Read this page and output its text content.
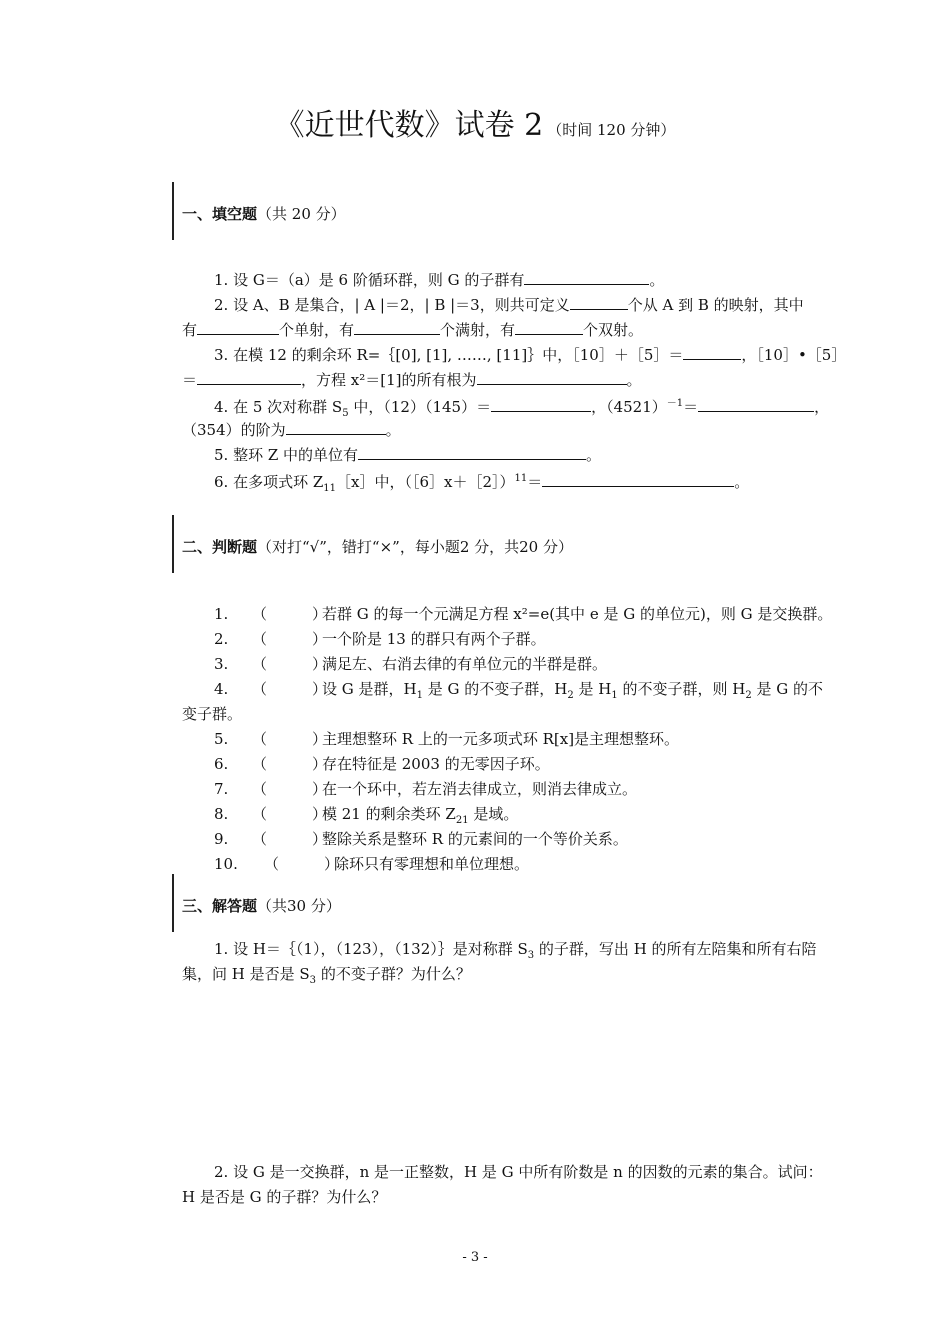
《近世代数》试卷 2 （时间 120 分钟）
一、填空题（共 20 分）
1. 设 G＝（a）是 6 阶循环群，则 G 的子群有	。
2. 设 A、B 是集合，| A |＝2，| B |＝3，则共可定义	个从 A 到 B 的映射，其中
有	个单射，有	个满射，有	个双射。
3. 在模 12 的剩余环 R=｛[0], [1], ……, [11]｝中，［10］＋［5］＝	，［10］•［5］
＝	，方程 x²＝[1]的所有根为	。
4. 在 5 次对称群 $S_5$ 中，（12）（145）＝	，$(4521)^{-1}=$	，
（354）的阶为	。
5. 整环 Z 中的单位有	。
6. 在多项式环 $Z_{11}[x]$中，（［6］x＋［2］）$^{11}$＝	。
二、判断题（对打“√”，错打“×”，每小题2 分，共20 分）
1. （　　　）若群 G 的每一个元满足方程 x²=e(其中 e 是 G 的单位元)，则 G 是交换群。
2. （　　　）一个阶是 13 的群只有两个子群。
3. （　　　）满足左、右消去律的有单位元的半群是群。
4. （　　　）设 G 是群，$H_1$ 是 G 的不变子群，$H_2$ 是 $H_1$ 的不变子群，则 $H_2$ 是 G 的不
变子群。
5. （　　　）主理想整环 R 上的一元多项式环 R[x]是主理想整环。
6. （　　　）存在特征是 2003 的无零因子环。
7. （　　　）在一个环中，若左消去律成立，则消去律成立。
8. （　　　）模 21 的剩余类环 $Z_{21}$ 是域。
9. （　　　）整除关系是整环 R 的元素间的一个等价关系。
10. （　　　）除环只有零理想和单位理想。
三、解答题（共30 分）
1. 设 H＝｛（1），（123），（132）｝是对称群 $S_3$ 的子群，写出 H 的所有左陪集和所有右陪
集，问 H 是否是 $S_3$ 的不变子群？为什么？
2. 设 G 是一交换群，n 是一正整数，H 是 G 中所有阶数是 n 的因数的元素的集合。试问：
H 是否是 G 的子群？为什么？
- 3 -
